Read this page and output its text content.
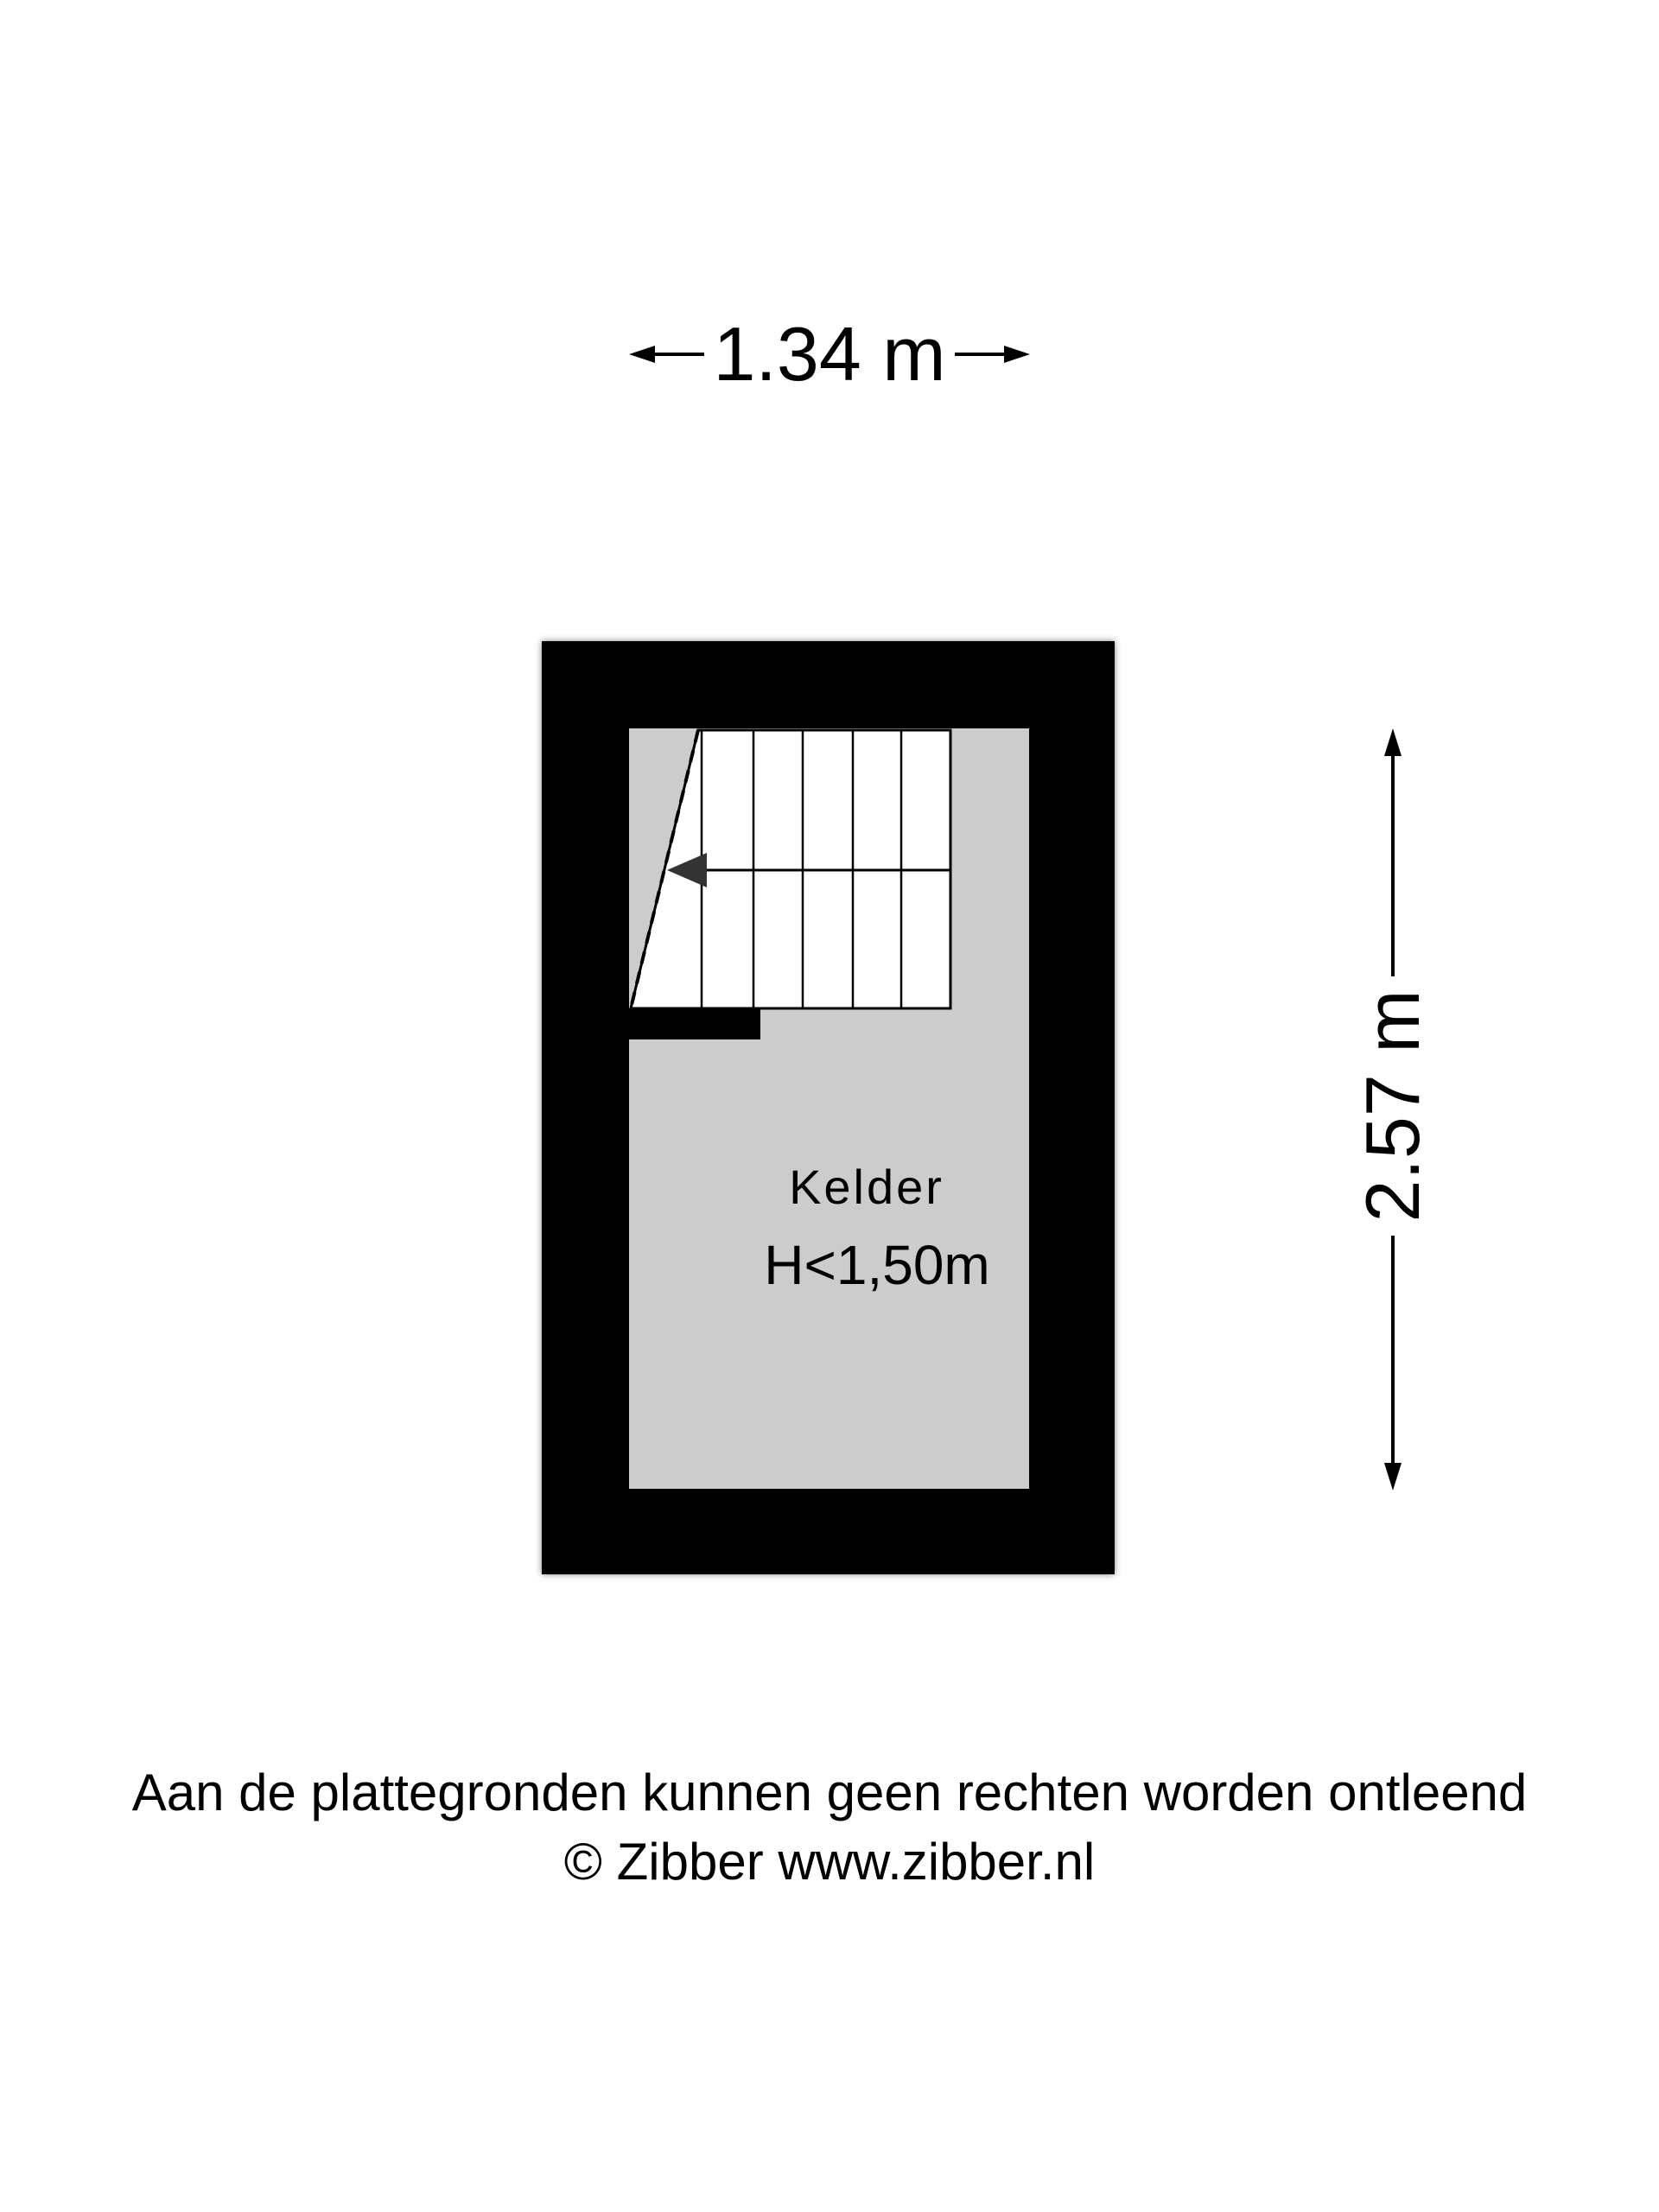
1.34 m
2.57 m
Kelder
H<1,50m
Aan de plattegronden kunnen geen rechten worden ontleend
© Zibber www.zibber.nl
